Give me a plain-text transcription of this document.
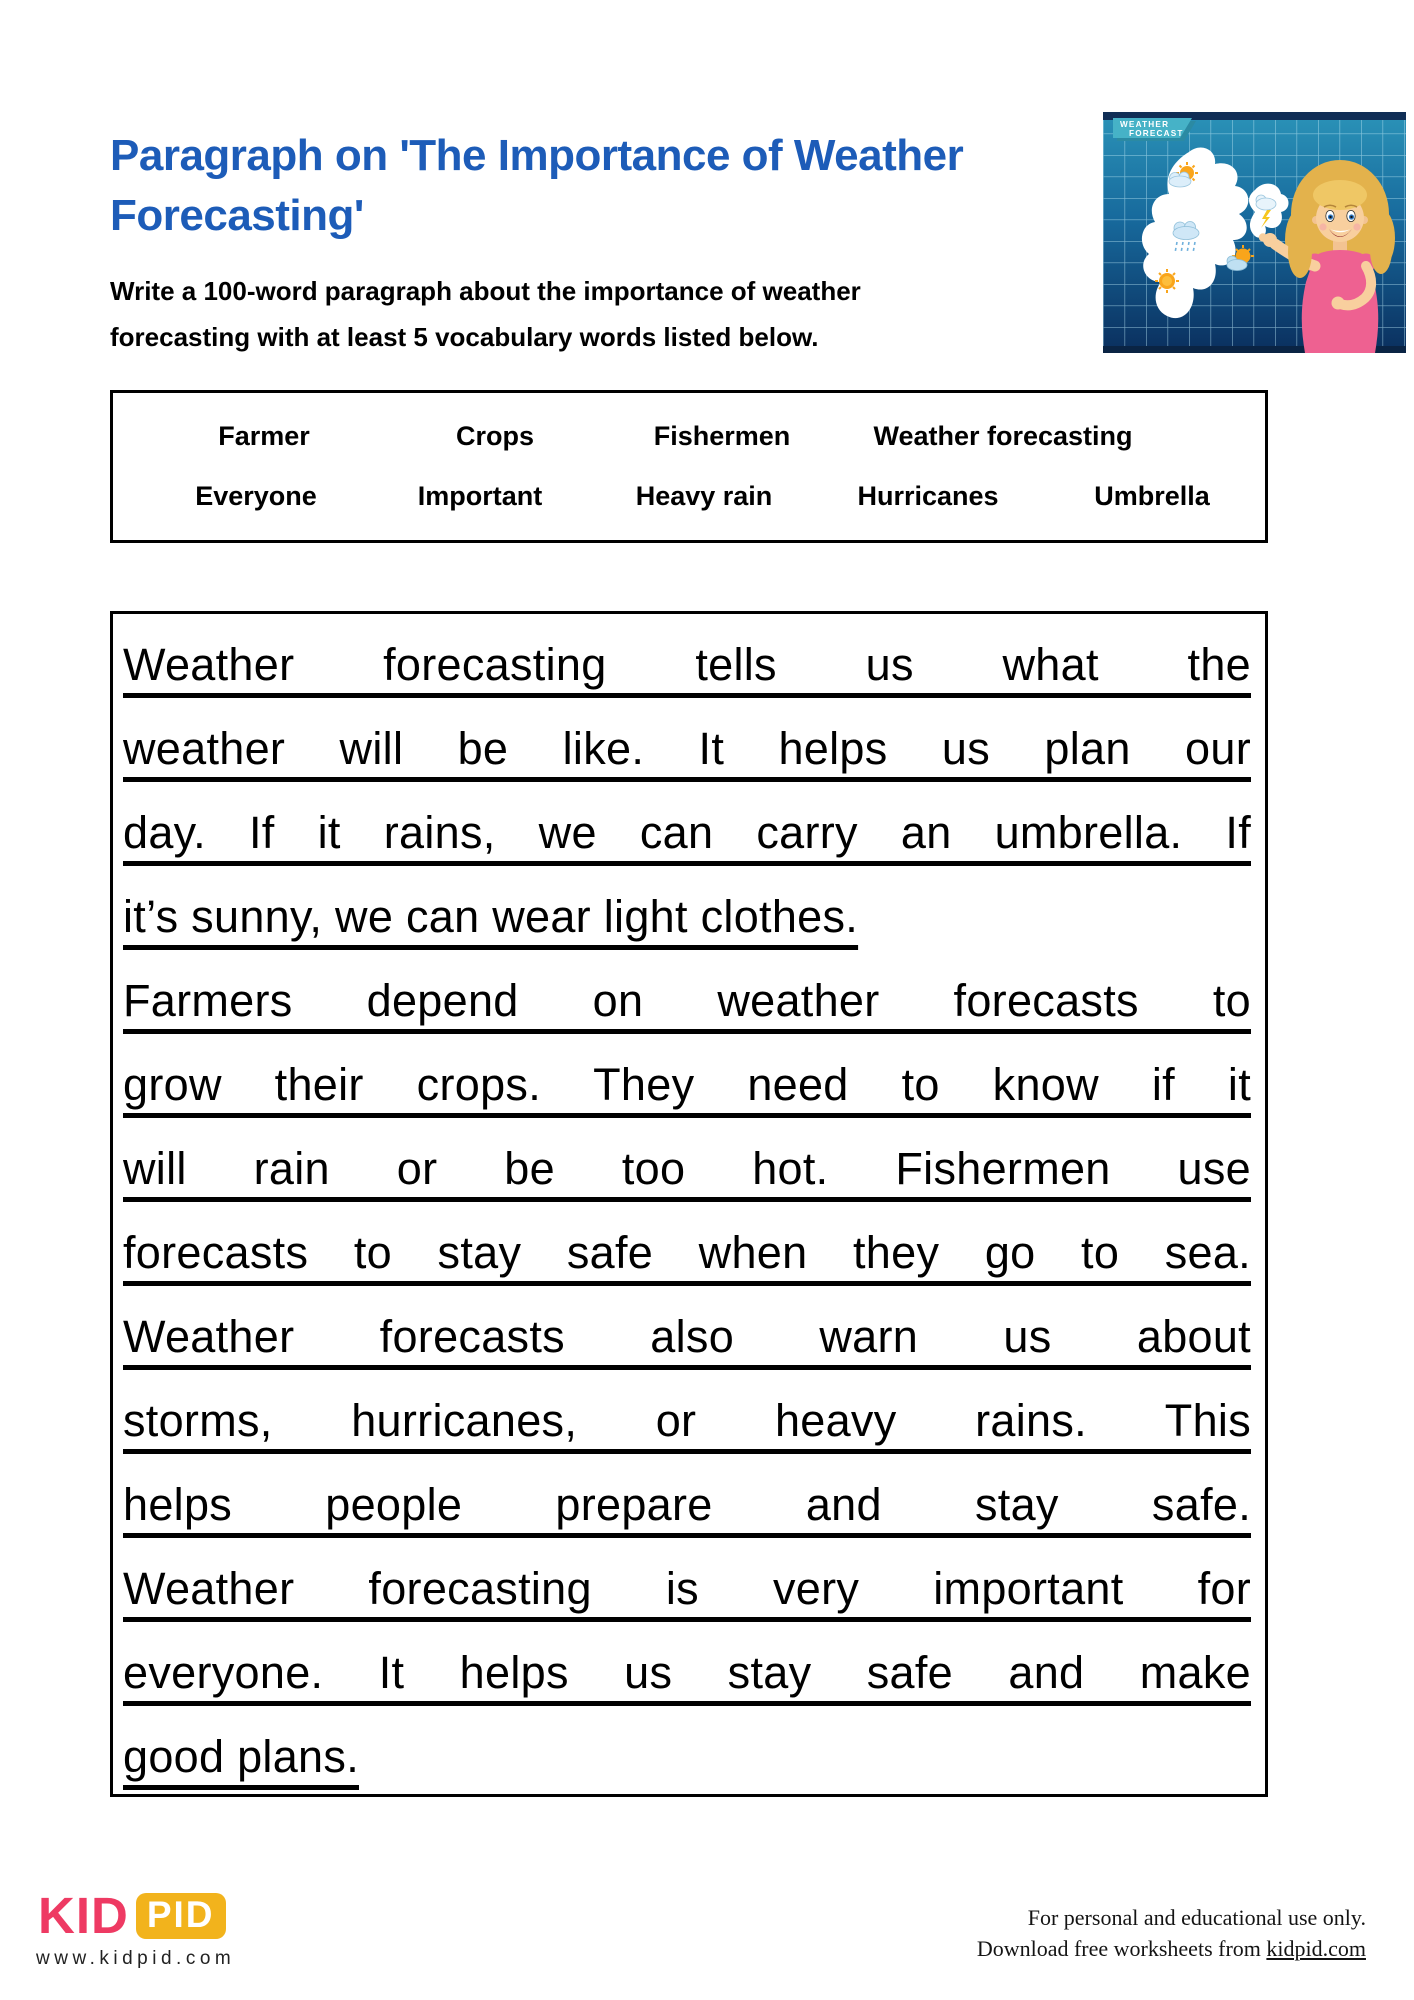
Paragraph on 'The Importance of Weather
Forecasting'
Write a 100-word paragraph about the importance of weather
forecasting with at least 5 vocabulary words listed below.
WEATHER
FORECAST
Farmer	Crops	Fishermen	Weather forecasting
Everyone	Important	Heavy rain	Hurricanes	Umbrella
Weather forecasting tells us what the
weather will be like. It helps us plan our
day. If it rains, we can carry an umbrella. If
it’s sunny, we can wear light clothes.
Farmers depend on weather forecasts to
grow their crops. They need to know if it
will rain or be too hot. Fishermen use
forecasts to stay safe when they go to sea.
Weather forecasts also warn us about
storms, hurricanes, or heavy rains. This
helps people prepare and stay safe.
Weather forecasting is very important for
everyone. It helps us stay safe and make
good plans.
KID PID
www.kidpid.com
For personal and educational use only.
Download free worksheets from kidpid.com
